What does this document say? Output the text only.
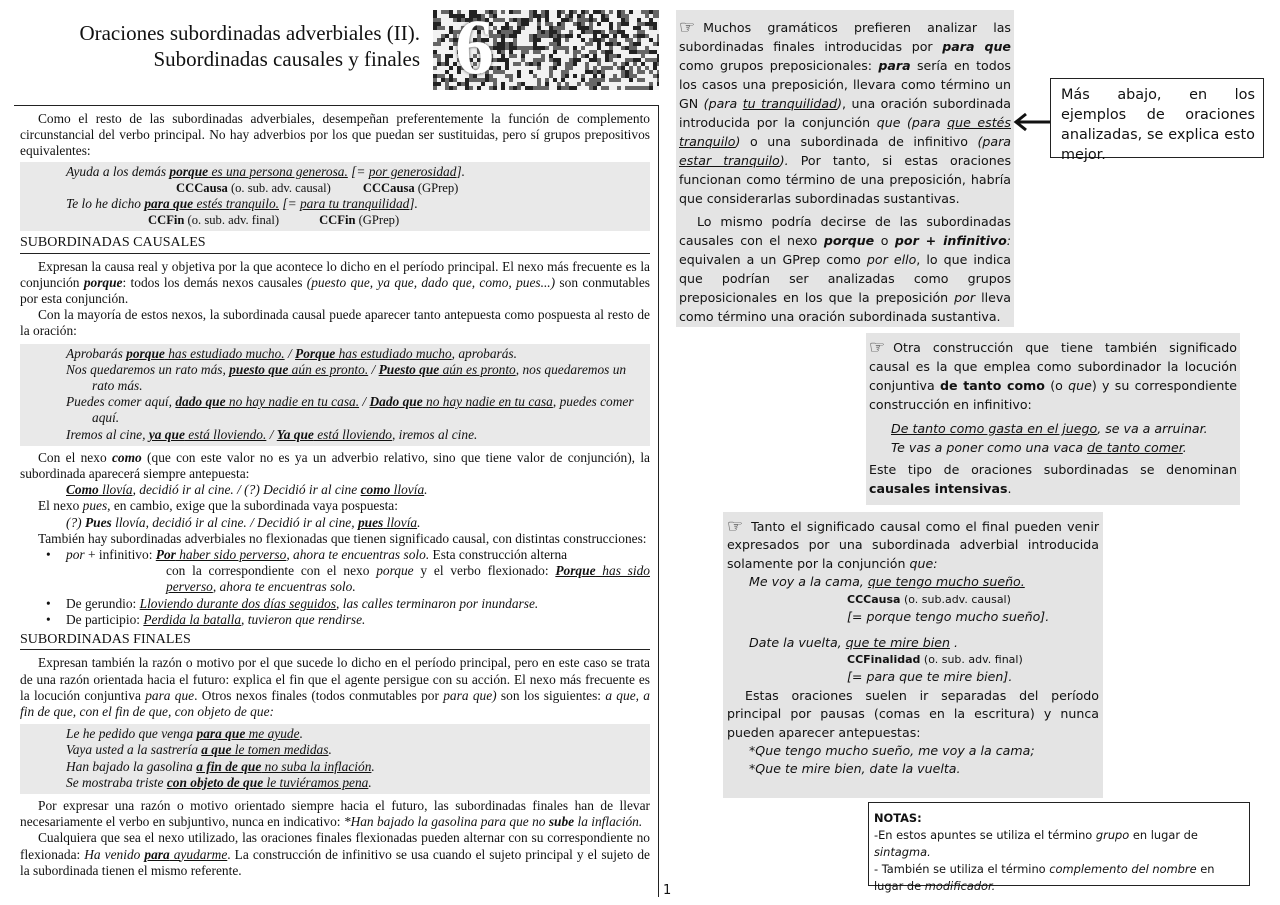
Oraciones subordinadas adverbiales (II).
Subordinadas causales y finales 6

Como el resto de las subordinadas adverbiales, desempeñan preferentemente la función de complemento circunstancial del verbo principal. No hay adverbios por los que puedan ser sustituidas, pero sí grupos prepositivos equivalentes:

Ayuda a los demás porque es una persona generosa. [= por generosidad].
CCCausa (o. sub. adv. causal)	CCCausa (GPrep)
Te lo he dicho para que estés tranquilo. [= para tu tranquilidad].
CCFin (o. sub. adv. final)	CCFin (GPrep)
SUBORDINADAS CAUSALES

Expresan la causa real y objetiva por la que acontece lo dicho en el período principal. El nexo más frecuente es la conjunción porque: todos los demás nexos causales (puesto que, ya que, dado que, como, pues...) son conmutables por esta conjunción.

Con la mayoría de estos nexos, la subordinada causal puede aparecer tanto antepuesta como pospuesta al resto de la oración:

Aprobarás porque has estudiado mucho. / Porque has estudiado mucho, aprobarás.
Nos quedaremos un rato más, puesto que aún es pronto. / Puesto que aún es pronto, nos quedaremos un rato más.
Puedes comer aquí, dado que no hay nadie en tu casa. / Dado que no hay nadie en tu casa, puedes comer aquí.
Iremos al cine, ya que está lloviendo. / Ya que está lloviendo, iremos al cine.

Con el nexo como (que con este valor no es ya un adverbio relativo, sino que tiene valor de conjunción), la subordinada aparecerá siempre antepuesta:

Como llovía, decidió ir al cine. / (?) Decidió ir al cine como llovía.

El nexo pues, en cambio, exige que la subordinada vaya pospuesta:

(?) Pues llovía, decidió ir al cine. / Decidió ir al cine, pues llovía.

También hay subordinadas adverbiales no flexionadas que tienen significado causal, con distintas construcciones:

• por + infinitivo: Por haber sido perverso, ahora te encuentras solo. Esta construcción alterna
con la correspondiente con el nexo porque y el verbo flexionado: Porque has sido perverso, ahora te encuentras solo.
• De gerundio: Lloviendo durante dos días seguidos, las calles terminaron por inundarse.
• De participio: Perdida la batalla, tuvieron que rendirse.
SUBORDINADAS FINALES

Expresan también la razón o motivo por el que sucede lo dicho en el período principal, pero en este caso se trata de una razón orientada hacia el futuro: explica el fin que el agente persigue con su acción. El nexo más frecuente es la locución conjuntiva para que. Otros nexos finales (todos conmutables por para que) son los siguientes: a que, a fin de que, con el fin de que, con objeto de que:

Le he pedido que venga para que me ayude.
Vaya usted a la sastrería a que le tomen medidas.
Han bajado la gasolina a fin de que no suba la inflación.
Se mostraba triste con objeto de que le tuviéramos pena.

Por expresar una razón o motivo orientado siempre hacia el futuro, las subordinadas finales han de llevar necesariamente el verbo en subjuntivo, nunca en indicativo: *Han bajado la gasolina para que no sube la inflación.

Cualquiera que sea el nexo utilizado, las oraciones finales flexionadas pueden alternar con su correspondiente no flexionada: Ha venido para ayudarme. La construcción de infinitivo se usa cuando el sujeto principal y el sujeto de la subordinada tienen el mismo referente.

1
☞ Muchos gramáticos prefieren analizar las subordinadas finales introducidas por para que como grupos preposicionales: para sería en todos los casos una preposición, llevara como término un GN (para tu tranquilidad), una oración subordinada introducida por la conjunción que (para que estés tranquilo) o una subordinada de infinitivo (para estar tranquilo). Por tanto, si estas oraciones funcionan como término de una preposición, habría que considerarlas subordinadas sustantivas.
Lo mismo podría decirse de las subordinadas causales con el nexo porque o por + infinitivo: equivalen a un GPrep como por ello, lo que indica que podrían ser analizadas como grupos preposicionales en los que la preposición por lleva como término una oración subordinada sustantiva.
Más abajo, en los ejemplos de oraciones analizadas, se explica esto mejor.
☞ Otra construcción que tiene también significado causal es la que emplea como subordinador la locución conjuntiva de tanto como (o que) y su correspondiente construcción en infinitivo:
De tanto como gasta en el juego, se va a arruinar.
Te vas a poner como una vaca de tanto comer.
Este tipo de oraciones subordinadas se denominan causales intensivas.
☞ Tanto el significado causal como el final pueden venir expresados por una subordinada adverbial introducida solamente por la conjunción que:
Me voy a la cama, que tengo mucho sueño.
CCCausa (o. sub.adv. causal)
[= porque tengo mucho sueño].
Date la vuelta, que te mire bien .
CCFinalidad (o. sub. adv. final)
[= para que te mire bien].
Estas oraciones suelen ir separadas del período principal por pausas (comas en la escritura) y nunca pueden aparecer antepuestas:
*Que tengo mucho sueño, me voy a la cama;
*Que te mire bien, date la vuelta.
NOTAS:
-En estos apuntes se utiliza el término grupo en lugar de sintagma.
- También se utiliza el término complemento del nombre en lugar de modificador.
